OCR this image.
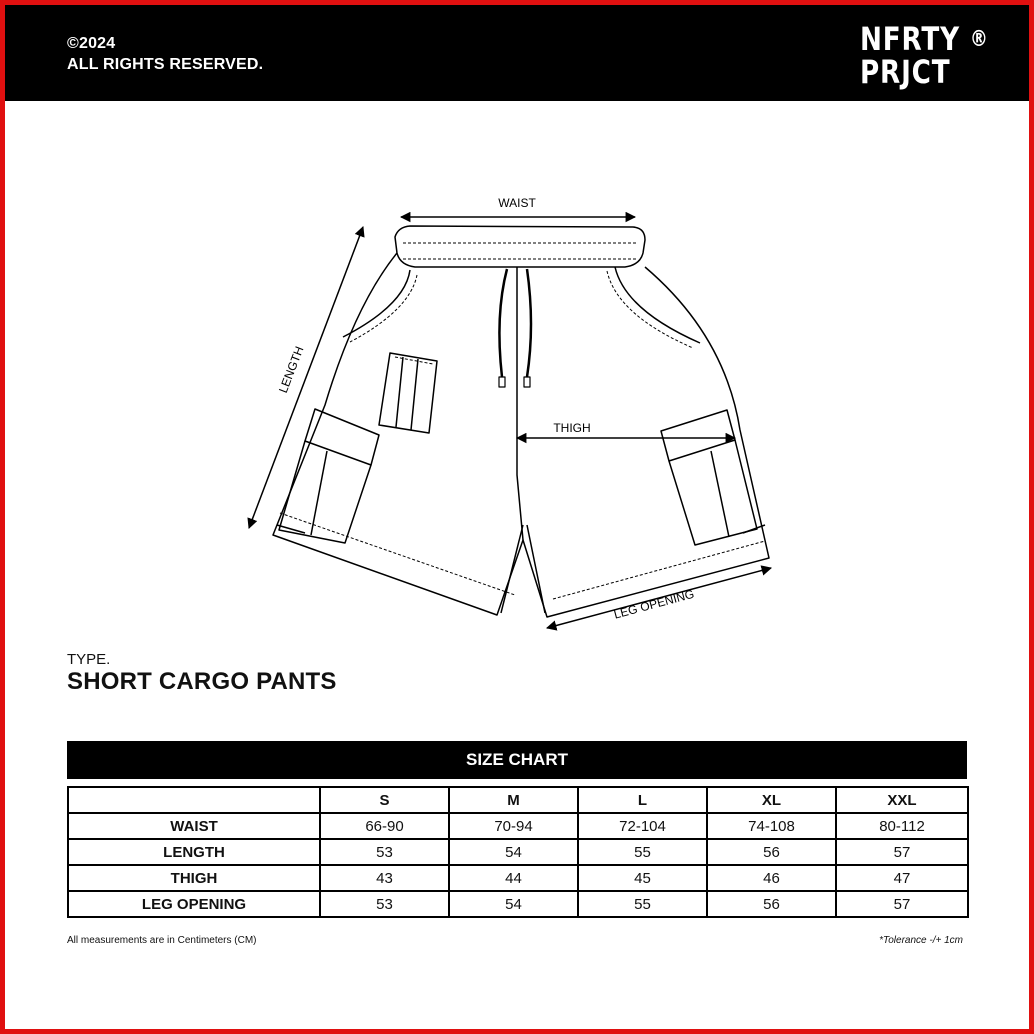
©2024
ALL RIGHTS RESERVED.
NFRTY ®
PRJCT
WAIST
LENGTH
THIGH
LEG OPENING
TYPE.
SHORT CARGO PANTS
SIZE CHART
	S	M	L	XL	XXL
WAIST	66-90	70-94	72-104	74-108	80-112
LENGTH	53	54	55	56	57
THIGH	43	44	45	46	47
LEG OPENING	53	54	55	56	57
All measurements are in Centimeters (CM)	*Tolerance -/+ 1cm
